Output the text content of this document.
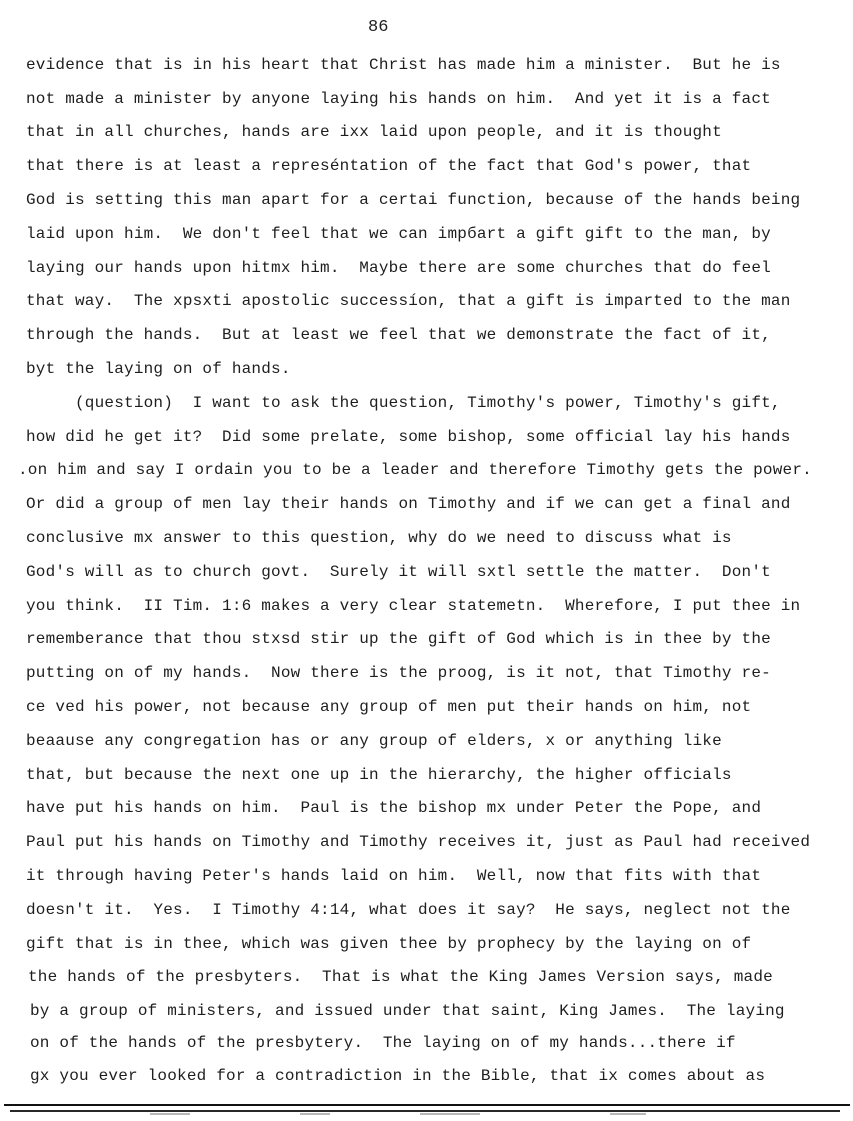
86
evidence that is in his heart that Christ has made him a minister.  But he is
not made a minister by anyone laying his hands on him.  And yet it is a fact
that in all churches, hands are ixx laid upon people, and it is thought
that there is at least a represéntation of the fact that God's power, that
God is setting this man apart for a certai function, because of the hands being
laid upon him.  We don't feel that we can impбart a gift gift to the man, by
laying our hands upon hitmx him.  Maybe there are some churches that do feel
that way.  The xpsxti apostolic successíon, that a gift is imparted to the man
through the hands.  But at least we feel that we demonstrate the fact of it,
byt the laying on of hands.
(question)  I want to ask the question, Timothy's power, Timothy's gift,
how did he get it?  Did some prelate, some bishop, some official lay his hands
.on him and say I ordain you to be a leader and therefore Timothy gets the power.
Or did a group of men lay their hands on Timothy and if we can get a final and
conclusive mx answer to this question, why do we need to discuss what is
God's will as to church govt.  Surely it will sxtl settle the matter.  Don't
you think.  II Tim. 1:6 makes a very clear statemetn.  Wherefore, I put thee in
rememberance that thou stxsd stir up the gift of God which is in thee by the
putting on of my hands.  Now there is the proog, is it not, that Timothy re-
ce ved his power, not because any group of men put their hands on him, not
beaause any congregation has or any group of elders, x or anything like
that, but because the next one up in the hierarchy, the higher officials
have put his hands on him.  Paul is the bishop mx under Peter the Pope, and
Paul put his hands on Timothy and Timothy receives it, just as Paul had received
it through having Peter's hands laid on him.  Well, now that fits with that
doesn't it.  Yes.  I Timothy 4:14, what does it say?  He says, neglect not the
gift that is in thee, which was given thee by prophecy by the laying on of
the hands of the presbyters.  That is what the King James Version says, made
by a group of ministers, and issued under that saint, King James.  The laying
on of the hands of the presbytery.  The laying on of my hands...there if
gx you ever looked for a contradiction in the Bible, that ix comes about as
